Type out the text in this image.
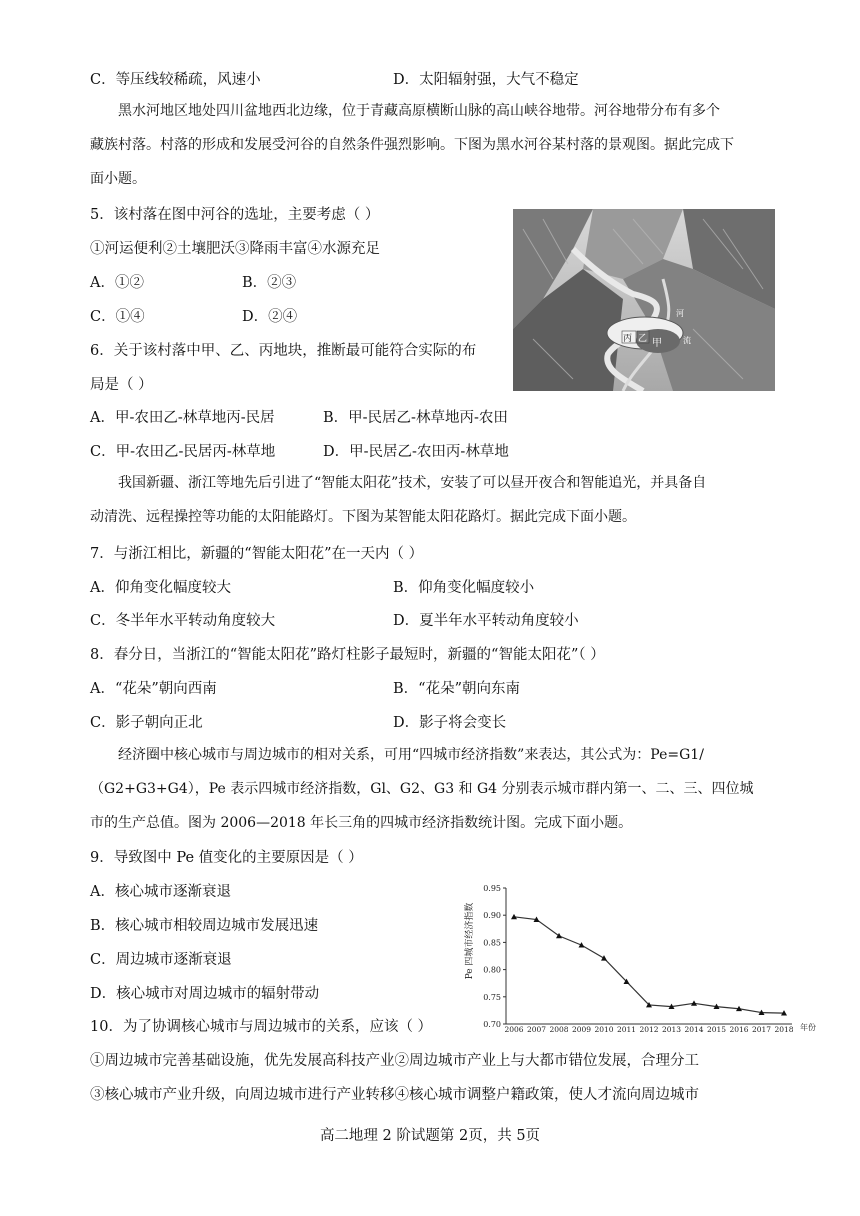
C．等压线较稀疏，风速小	D．太阳辐射强，大气不稳定
黑水河地区地处四川盆地西北边缘，位于青藏高原横断山脉的高山峡谷地带。河谷地带分布有多个
藏族村落。村落的形成和发展受河谷的自然条件强烈影响。下图为黑水河谷某村落的景观图。据此完成下
面小题。
5．该村落在图中河谷的选址，主要考虑（ ）
①河运便利②土壤肥沃③降雨丰富④水源充足
A．①②	B．②③
C．①④	D．②④
6．关于该村落中甲、乙、丙地块，推断最可能符合实际的布
局是（ ）
A．甲-农田乙-林草地丙-民居	B．甲-民居乙-林草地丙-农田
C．甲-农田乙-民居丙-林草地	D．甲-民居乙-农田丙-林草地
丙 乙 甲
河
流
我国新疆、浙江等地先后引进了“智能太阳花”技术，安装了可以昼开夜合和智能追光，并具备自
动清洗、远程操控等功能的太阳能路灯。下图为某智能太阳花路灯。据此完成下面小题。
7．与浙江相比，新疆的“智能太阳花”在一天内（ ）
A．仰角变化幅度较大	B．仰角变化幅度较小
C．冬半年水平转动角度较大	D．夏半年水平转动角度较小
8．春分日，当浙江的“智能太阳花”路灯柱影子最短时，新疆的“智能太阳花”（ ）
A．“花朵”朝向西南	B．“花朵”朝向东南
C．影子朝向正北	D．影子将会变长
经济圈中核心城市与周边城市的相对关系，可用“四城市经济指数”来表达，其公式为：Pe=G1/
（G2+G3+G4），Pe 表示四城市经济指数，Gl、G2、G3 和 G4 分别表示城市群内第一、二、三、四位城
市的生产总值。图为 2006—2018 年长三角的四城市经济指数统计图。完成下面小题。
9．导致图中 Pe 值变化的主要原因是（ ）
A．核心城市逐渐衰退
B．核心城市相较周边城市发展迅速
C．周边城市逐渐衰退
D．核心城市对周边城市的辐射带动
10．为了协调核心城市与周边城市的关系，应该（ ）
①周边城市完善基础设施，优先发展高科技产业②周边城市产业上与大都市错位发展，合理分工
③核心城市产业升级，向周边城市进行产业转移④核心城市调整户籍政策，使人才流向周边城市
0.70
0.75
0.80
0.85
0.90
0.95
2006 2007 2008 2009 2010 2011 2012 2013 2014 2015 2016 2017 2018
Pe 四城市经济指数
年份
高二地理 2 阶试题第 2页，共 5页
